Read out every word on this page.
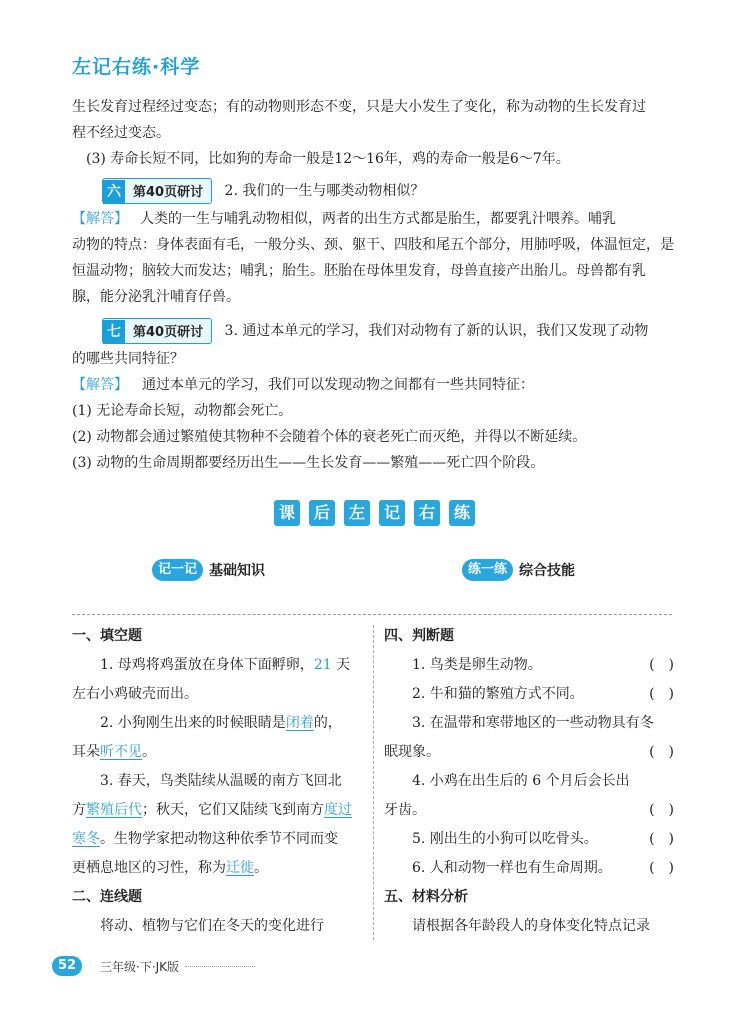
左记右练·科学
生长发育过程经过变态；有的动物则形态不变，只是大小发生了变化，称为动物的生长发育过
程不经过变态。
(3) 寿命长短不同，比如狗的寿命一般是12～16年，鸡的寿命一般是6～7年。
六 第40页研讨 2. 我们的一生与哪类动物相似？
【解答】 人类的一生与哺乳动物相似，两者的出生方式都是胎生，都要乳汁喂养。哺乳
动物的特点：身体表面有毛，一般分头、颈、躯干、四肢和尾五个部分，用肺呼吸，体温恒定，是
恒温动物；脑较大而发达；哺乳；胎生。胚胎在母体里发育，母兽直接产出胎儿。母兽都有乳
腺，能分泌乳汁哺育仔兽。
七 第40页研讨 3. 通过本单元的学习，我们对动物有了新的认识，我们又发现了动物
的哪些共同特征？
【解答】 通过本单元的学习，我们可以发现动物之间都有一些共同特征：
(1) 无论寿命长短，动物都会死亡。
(2) 动物都会通过繁殖使其物种不会随着个体的衰老死亡而灭绝，并得以不断延续。
(3) 动物的生命周期都要经历出生——生长发育——繁殖——死亡四个阶段。
课	后	左	记	右	练
记一记 基础知识	练一练 综合技能
一、填空题
1. 母鸡将鸡蛋放在身体下面孵卵，21 天
左右小鸡破壳而出。
2. 小狗刚生出来的时候眼睛是闭着的，
耳朵听不见。
3. 春天，鸟类陆续从温暖的南方飞回北
方繁殖后代；秋天，它们又陆续飞到南方度过
寒冬。生物学家把动物这种依季节不同而变
更栖息地区的习性，称为迁徙。
二、连线题
将动、植物与它们在冬天的变化进行
四、判断题
1. 鸟类是卵生动物。	(　)
2. 牛和猫的繁殖方式不同。	(　)
3. 在温带和寒带地区的一些动物具有冬
眠现象。	(　)
4. 小鸡在出生后的 6 个月后会长出
牙齿。	(　)
5. 刚出生的小狗可以吃骨头。	(　)
6. 人和动物一样也有生命周期。	(　)
五、材料分析
请根据各年龄段人的身体变化特点记录
52	三年级·下·JK版
